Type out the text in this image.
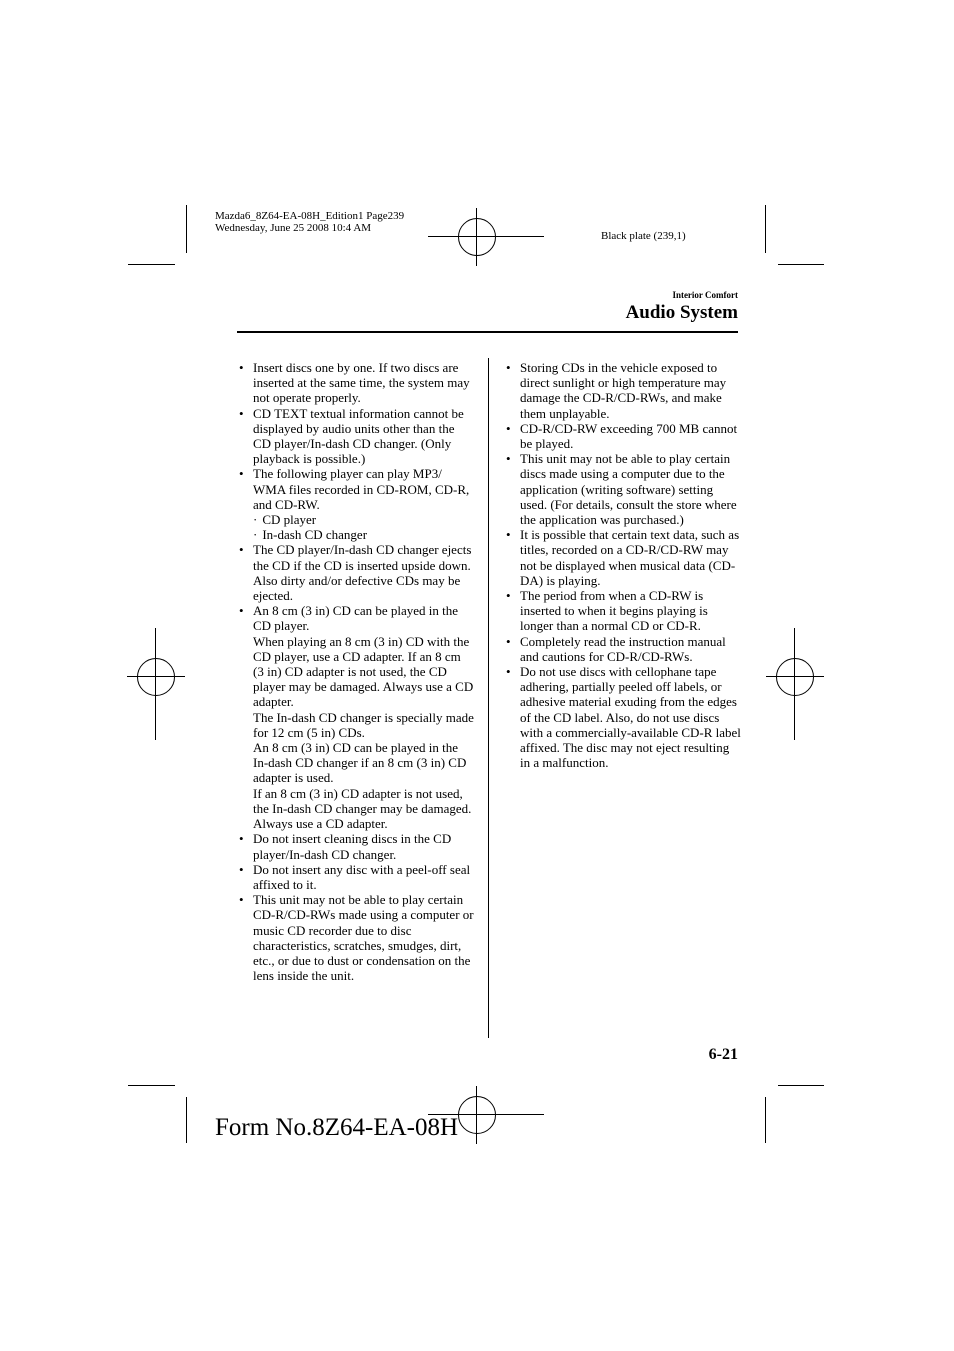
Mazda6_8Z64-EA-08H_Edition1 Page239
Wednesday, June 25 2008 10:4 AM
Black plate (239,1)
Interior Comfort
Audio System
• Insert discs one by one. If two discs are inserted at the same time, the system may not operate properly.
• CD TEXT textual information cannot be displayed by audio units other than the CD player/In-dash CD changer. (Only playback is possible.)
• The following player can play MP3/ WMA files recorded in CD-ROM, CD-R, and CD-RW.
· CD player
· In-dash CD changer
• The CD player/In-dash CD changer ejects the CD if the CD is inserted upside down. Also dirty and/or defective CDs may be ejected.
• An 8 cm (3 in) CD can be played in the CD player.
When playing an 8 cm (3 in) CD with the CD player, use a CD adapter. If an 8 cm (3 in) CD adapter is not used, the CD player may be damaged. Always use a CD adapter.
The In-dash CD changer is specially made for 12 cm (5 in) CDs.
An 8 cm (3 in) CD can be played in the In-dash CD changer if an 8 cm (3 in) CD adapter is used.
If an 8 cm (3 in) CD adapter is not used, the In-dash CD changer may be damaged. Always use a CD adapter.
• Do not insert cleaning discs in the CD player/In-dash CD changer.
• Do not insert any disc with a peel-off seal affixed to it.
• This unit may not be able to play certain CD-R/CD-RWs made using a computer or music CD recorder due to disc characteristics, scratches, smudges, dirt, etc., or due to dust or condensation on the lens inside the unit.
• Storing CDs in the vehicle exposed to direct sunlight or high temperature may damage the CD-R/CD-RWs, and make them unplayable.
• CD-R/CD-RW exceeding 700 MB cannot be played.
• This unit may not be able to play certain discs made using a computer due to the application (writing software) setting used. (For details, consult the store where the application was purchased.)
• It is possible that certain text data, such as titles, recorded on a CD-R/CD-RW may not be displayed when musical data (CD-DA) is playing.
• The period from when a CD-RW is inserted to when it begins playing is longer than a normal CD or CD-R.
• Completely read the instruction manual and cautions for CD-R/CD-RWs.
• Do not use discs with cellophane tape adhering, partially peeled off labels, or adhesive material exuding from the edges of the CD label. Also, do not use discs with a commercially-available CD-R label affixed. The disc may not eject resulting in a malfunction.
6-21
Form No.8Z64-EA-08H
